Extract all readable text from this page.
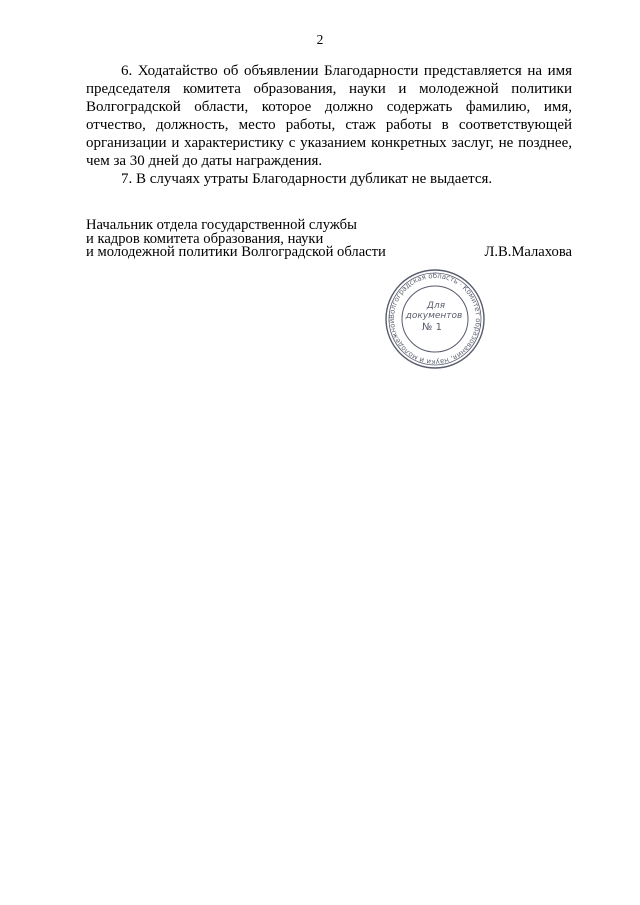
2

6. Ходатайство об объявлении Благодарности представляется на имя председателя комитета образования, науки и молодежной политики Волгоградской области, которое должно содержать фамилию, имя, отчество, должность, место работы, стаж работы в соответствующей организации и характеристику с указанием конкретных заслуг, не позднее, чем за 30 дней до даты награждения.

7. В случаях утраты Благодарности дубликат не выдается.

Начальник отдела государственной службы
и кадров комитета образования, науки
и молодежной политики Волгоградской области	Л.В.Малахова
Волгоградская область · Комитет образования, науки и молодежной
Для
документов
№ 1
